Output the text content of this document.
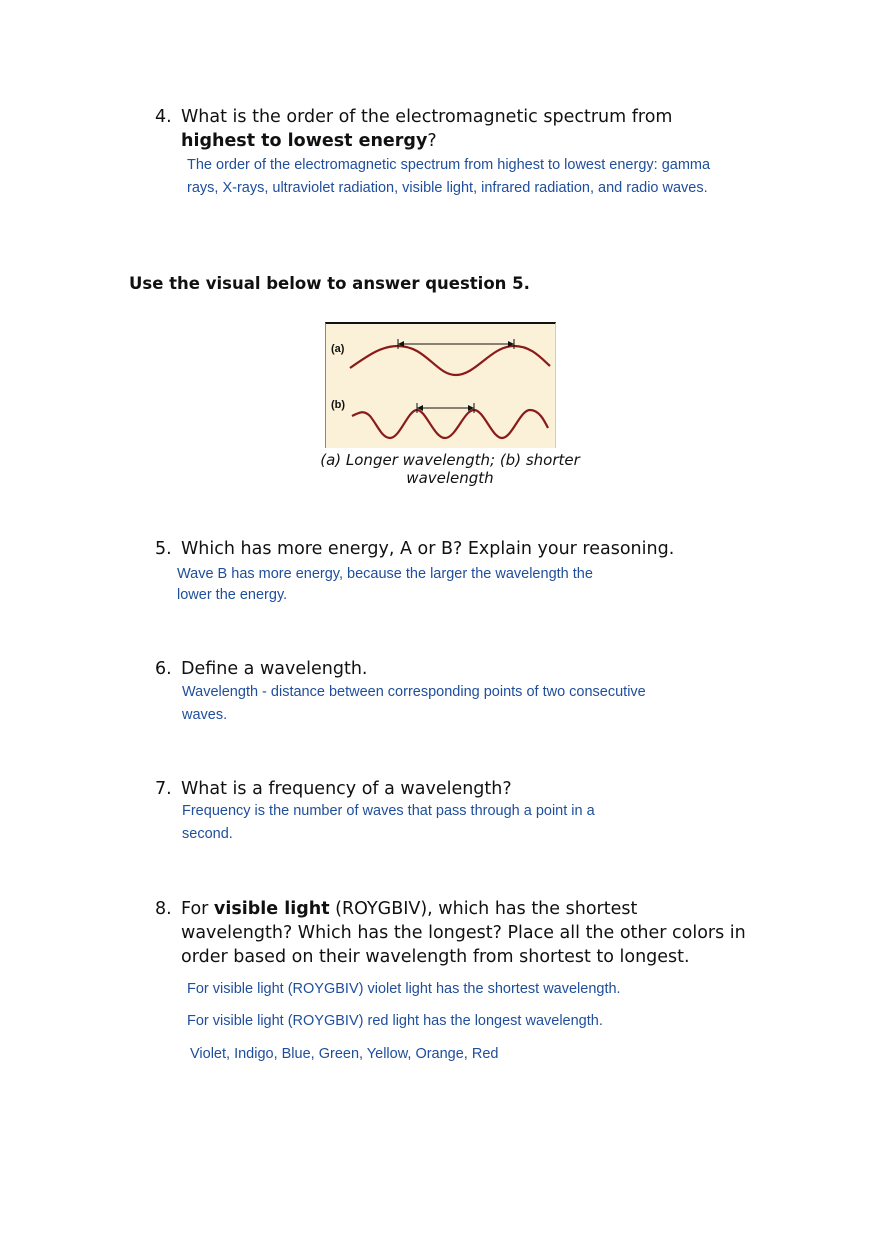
4. What is the order of the electromagnetic spectrum from highest to lowest energy?
The order of the electromagnetic spectrum from highest to lowest energy: gamma
rays, X-rays, ultraviolet radiation, visible light, infrared radiation, and radio waves.
Use the visual below to answer question 5.
(a)
(b)
(a) Longer wavelength; (b) shorter wavelength
5. Which has more energy, A or B? Explain your reasoning.
Wave B has more energy, because the larger the wavelength the
lower the energy.
6. Define a wavelength.
Wavelength - distance between corresponding points of two consecutive
waves.
7. What is a frequency of a wavelength?
Frequency is the number of waves that pass through a point in a
second.
8. For visible light (ROYGBIV), which has the shortest wavelength? Which has the longest? Place all the other colors in order based on their wavelength from shortest to longest.
For visible light (ROYGBIV) violet light has the shortest wavelength.
For visible light (ROYGBIV) red light has the longest wavelength.
Violet, Indigo, Blue, Green, Yellow, Orange, Red
